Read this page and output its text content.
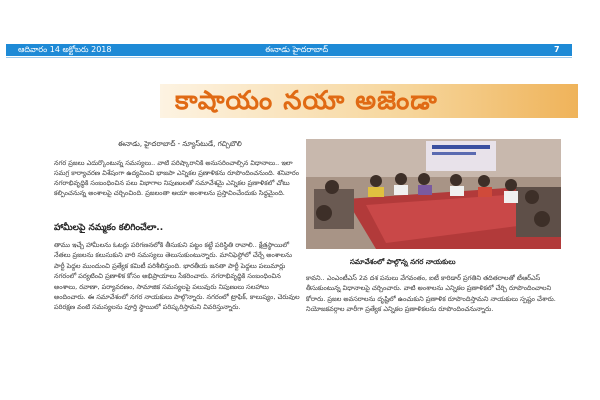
ఆదివారం 14 అక్టోబరు 2018	ఈనాడు హైదరాబాద్	7
కాషాయం నయా అజెండా
ఈనాడు, హైదరాబాద్ - న్యూస్‌టుడే, గచ్చిబౌలి

నగర ప్రజలు ఎదుర్కొంటున్న సమస్యలు.. వాటి పరిష్కారానికి అనుసరించాల్సిన విధానాలు.. ఇలా సమగ్ర కార్యాచరణ విశేషంగా ఉద్యమించి భాజపా ఎన్నికల ప్రణాళికను రూపొందించనుంది. శనివారం నగరాభివృద్ధికి సంబంధించిన పలు విభాగాల నిపుణులతో సమావేశమై ఎన్నికల ప్రణాళికలో చోటు కల్పించనున్న అంశాలపై చర్చించింది. ప్రజలంతా ఆయా అంశాలను ప్రస్తావించేందుకు సిద్ధమైంది.

హామీలపై నమ్మకం కలిగించేలా..
తాము ఇచ్చే హామీలను ఓటర్లు పరిగణనలోకి తీసుకుని పట్టం కట్టే పరిస్థితి రావాలి.. క్షేత్రస్థాయిలో నేతలు ప్రజలను కలుసుకుని వారి సమస్యలు తెలుసుకుంటున్నారు. మానిఫెస్టోలో చేర్చే అంశాలను పార్టీ పెద్దల ముందుంచి ప్రత్యేక కమిటీ పరిశీలిస్తుంది. భారతీయ జనతా పార్టీ పెద్దలు పలుమార్లు నగరంలో పర్యటించి ప్రణాళిక కోసం అభిప్రాయాలు సేకరించారు. నగరాభివృద్ధికి సంబంధించిన అంశాలు, రవాణా, పర్యావరణం, సామాజిక సమస్యలపై పలువురు నిపుణులు సలహాలు అందించారు. ఈ సమావేశంలో నగర నాయకులు పాల్గొన్నారు. నగరంలో ట్రాఫిక్, కాలుష్యం, చెరువుల పరిరక్షణ వంటి సమస్యలను పూర్తి స్థాయిలో పరిష్కరిస్తామని వివరిస్తున్నారు.
సమావేశంలో పాల్గొన్న నగర నాయకులు

కావని.. ఎంఎంటీఎస్ 2వ దశ పనులు వేగవంతం, ఐటీ కారిడార్ ప్రగతిని తదితరాలతో టీఆర్‌ఎస్ తీసుకుంటున్న విధానాలపై చర్చించారు. వాటి అంశాలను ఎన్నికల ప్రణాళికలో చేర్చి రూపొందించాలని కోరారు. ప్రజల అవసరాలను దృష్టిలో ఉంచుకుని ప్రణాళిక రూపొందిస్తామని నాయకులు స్పష్టం చేశారు. నియోజకవర్గాల వారీగా ప్రత్యేక ఎన్నికల ప్రణాళికలను రూపొందించనున్నారు.
